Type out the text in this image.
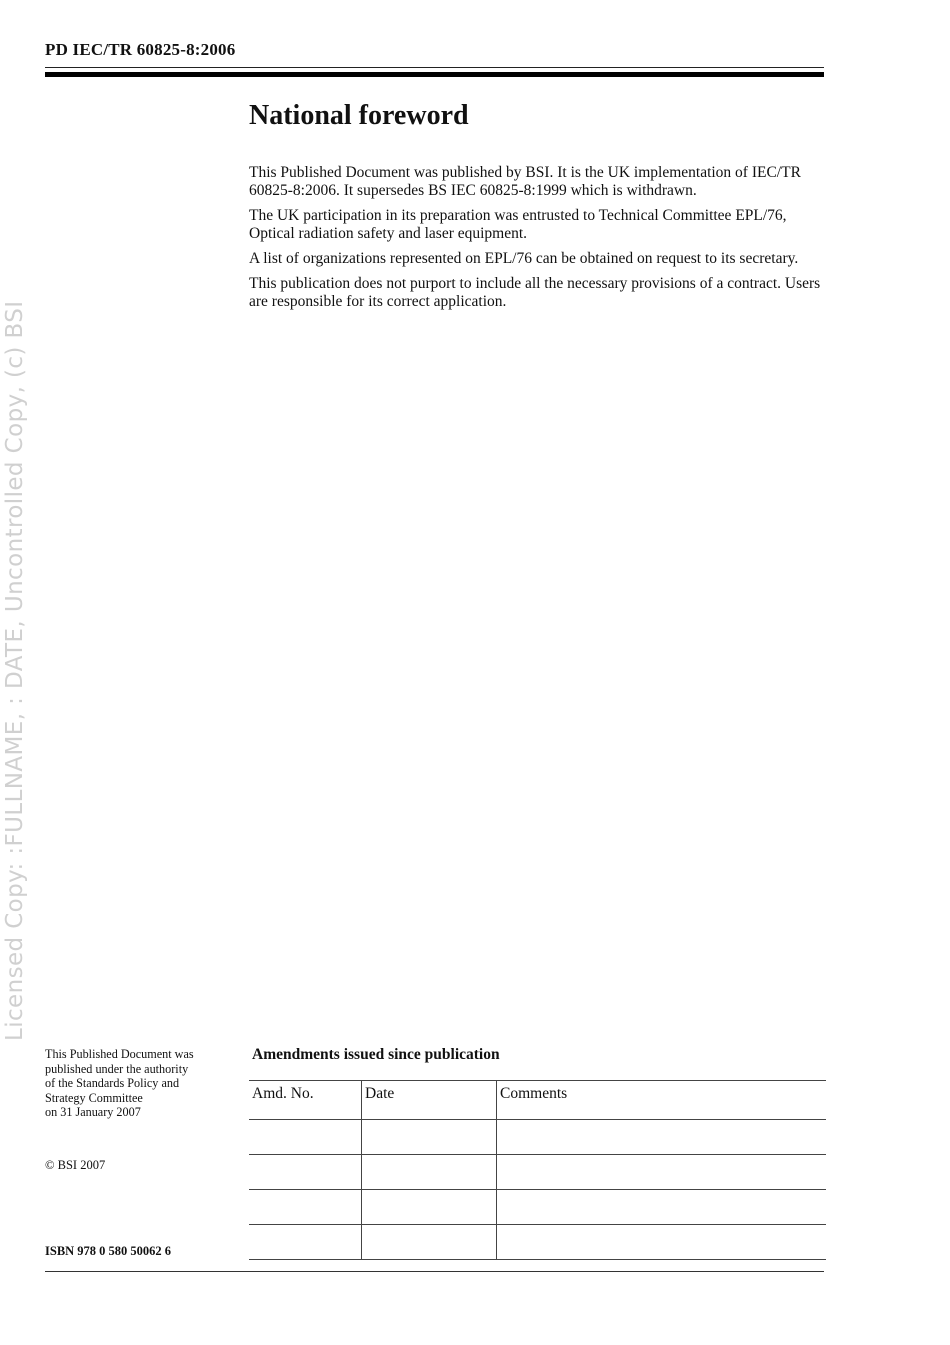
PD IEC/TR 60825-8:2006
Licensed Copy: :FULLNAME, : DATE, Uncontrolled Copy, (c) BSI
National foreword

This Published Document was published by BSI. It is the UK implementation of IEC/TR 60825-8:2006. It supersedes BS IEC 60825-8:1999 which is withdrawn.

The UK participation in its preparation was entrusted to Technical Committee EPL/76, Optical radiation safety and laser equipment.

A list of organizations represented on EPL/76 can be obtained on request to its secretary.

This publication does not purport to include all the necessary provisions of a contract. Users are responsible for its correct application.

This Published Document was
published under the authority
of the Standards Policy and
Strategy Committee
on 31 January 2007
© BSI 2007
ISBN 978 0 580 50062 6
Amendments issued since publication
Amd. No.	Date	Comments
